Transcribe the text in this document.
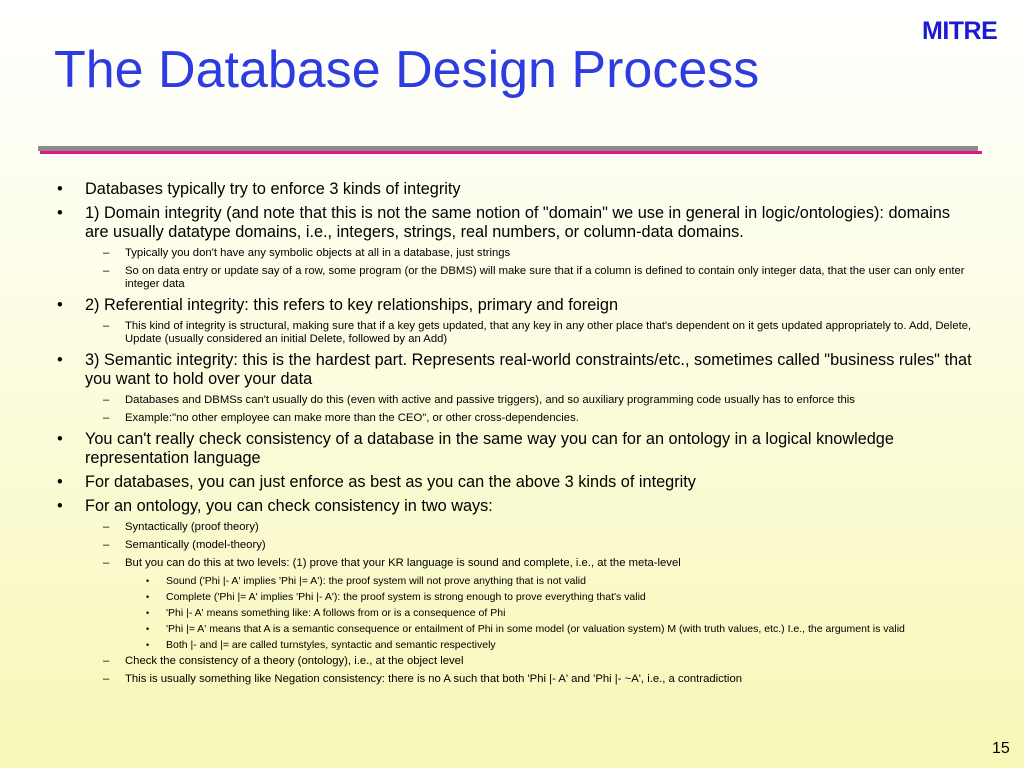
MITRE
The Database Design Process
• Databases typically try to enforce 3 kinds of integrity
• 1) Domain integrity (and note that this is not the same notion of "domain" we use in general in logic/ontologies): domains are usually datatype domains, i.e., integers, strings, real numbers, or column-data domains.
– Typically you don't have any symbolic objects at all in a database, just strings
– So on data entry or update say of a row, some program (or the DBMS) will make sure that if a column is defined to contain only integer data, that the user can only enter integer data
• 2) Referential integrity: this refers to key relationships, primary and foreign
– This kind of integrity is structural, making sure that if a key gets updated, that any key in any other place that's dependent on it gets updated appropriately to. Add, Delete, Update (usually considered an initial Delete, followed by an Add)
• 3) Semantic integrity: this is the hardest part. Represents real-world constraints/etc., sometimes called "business rules" that you want to hold over your data
– Databases and DBMSs can't usually do this (even with active and passive triggers), and so auxiliary programming code usually has to enforce this
– Example:"no other employee can make more than the CEO", or other cross-dependencies.
• You can't really check consistency of a database in the same way you can for an ontology in a logical knowledge representation language
• For databases, you can just enforce as best as you can the above 3 kinds of integrity
• For an ontology, you can check consistency in two ways:
– Syntactically (proof theory)
– Semantically (model-theory)
– But you can do this at two levels: (1) prove that your KR language is sound and complete, i.e., at the meta-level
• Sound ('Phi |- A' implies 'Phi |= A'): the proof system will not prove anything that is not valid
• Complete ('Phi |= A' implies 'Phi |- A'): the proof system is strong enough to prove everything that's valid
• 'Phi |- A' means something like: A follows from or is a consequence of Phi
• 'Phi |= A' means that A is a semantic consequence or entailment of Phi in some model (or valuation system) M (with truth values, etc.) I.e., the argument is valid
• Both |- and |= are called turnstyles, syntactic and semantic respectively
– Check the consistency of a theory (ontology), i.e., at the object level
– This is usually something like Negation consistency: there is no A such that both 'Phi |- A' and 'Phi |- ~A', i.e., a contradiction
15
